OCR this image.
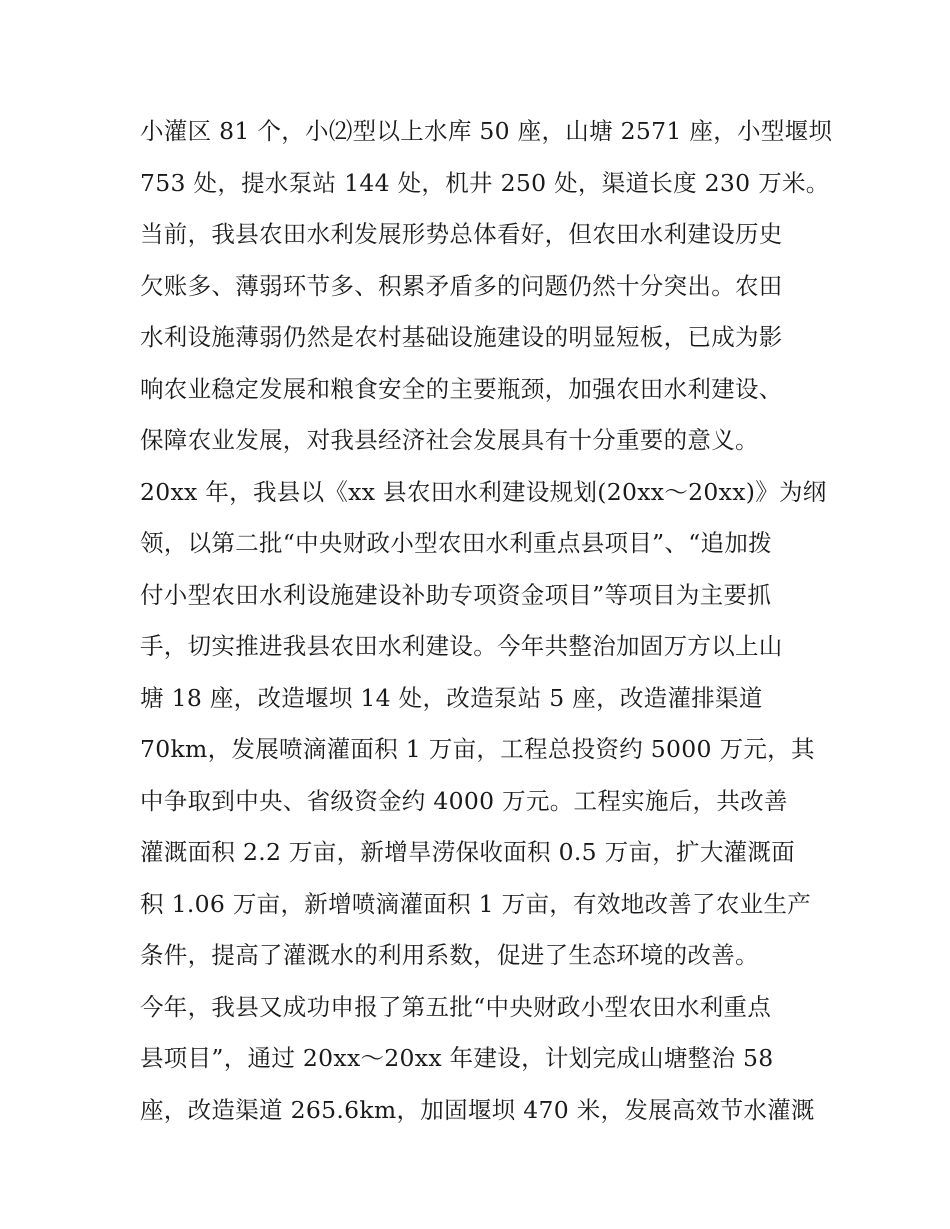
小灌区 81 个，小⑵型以上水库 50 座，山塘 2571 座，小型堰坝
753 处，提水泵站 144 处，机井 250 处，渠道长度 230 万米。
当前，我县农田水利发展形势总体看好，但农田水利建设历史
欠账多、薄弱环节多、积累矛盾多的问题仍然十分突出。农田
水利设施薄弱仍然是农村基础设施建设的明显短板，已成为影
响农业稳定发展和粮食安全的主要瓶颈，加强农田水利建设、
保障农业发展，对我县经济社会发展具有十分重要的意义。
20xx 年，我县以《xx 县农田水利建设规划(20xx～20xx)》为纲
领，以第二批“中央财政小型农田水利重点县项目”、“追加拨
付小型农田水利设施建设补助专项资金项目”等项目为主要抓
手，切实推进我县农田水利建设。今年共整治加固万方以上山
塘 18 座，改造堰坝 14 处，改造泵站 5 座，改造灌排渠道
70km，发展喷滴灌面积 1 万亩，工程总投资约 5000 万元，其
中争取到中央、省级资金约 4000 万元。工程实施后，共改善
灌溉面积 2.2 万亩，新增旱涝保收面积 0.5 万亩，扩大灌溉面
积 1.06 万亩，新增喷滴灌面积 1 万亩，有效地改善了农业生产
条件，提高了灌溉水的利用系数，促进了生态环境的改善。
今年，我县又成功申报了第五批“中央财政小型农田水利重点
县项目”，通过 20xx～20xx 年建设，计划完成山塘整治 58
座，改造渠道 265.6km，加固堰坝 470 米，发展高效节水灌溉
